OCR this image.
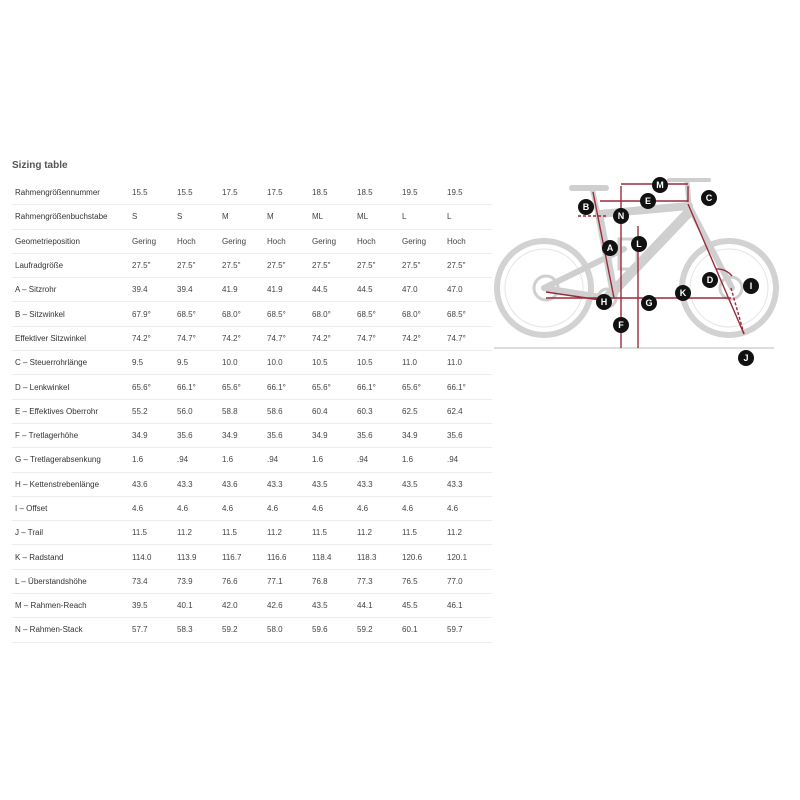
Sizing table
Rahmengrößennummer	15.5	15.5	17.5	17.5	18.5	18.5	19.5	19.5
Rahmengrößenbuchstabe	S	S	M	M	ML	ML	L	L
Geometrieposition	Gering	Hoch	Gering	Hoch	Gering	Hoch	Gering	Hoch
Laufradgröße	27.5"	27.5"	27.5"	27.5"	27.5"	27.5"	27.5"	27.5"
A – Sitzrohr	39.4	39.4	41.9	41.9	44.5	44.5	47.0	47.0
B – Sitzwinkel	67.9°	68.5°	68.0°	68.5°	68.0°	68.5°	68.0°	68.5°
Effektiver Sitzwinkel	74.2°	74.7°	74.2°	74.7°	74.2°	74.7°	74.2°	74.7°
C – Steuerrohrlänge	9.5	9.5	10.0	10.0	10.5	10.5	11.0	11.0
D – Lenkwinkel	65.6°	66.1°	65.6°	66.1°	65.6°	66.1°	65.6°	66.1°
E – Effektives Oberrohr	55.2	56.0	58.8	58.6	60.4	60.3	62.5	62.4
F – Tretlagerhöhe	34.9	35.6	34.9	35.6	34.9	35.6	34.9	35.6
G – Tretlagerabsenkung	1.6	.94	1.6	.94	1.6	.94	1.6	.94
H – Kettenstrebenlänge	43.6	43.3	43.6	43.3	43.5	43.3	43.5	43.3
I – Offset	4.6	4.6	4.6	4.6	4.6	4.6	4.6	4.6
J – Trail	11.5	11.2	11.5	11.2	11.5	11.2	11.5	11.2
K – Radstand	114.0	113.9	116.7	116.6	118.4	118.3	120.6	120.1
L – Überstandshöhe	73.4	73.9	76.6	77.1	76.8	77.3	76.5	77.0
M – Rahmen-Reach	39.5	40.1	42.0	42.6	43.5	44.1	45.5	46.1
N – Rahmen-Stack	57.7	58.3	59.2	58.0	59.6	59.2	60.1	59.7
M
E	C
B
N
A	L
H	G
K
D
I
F
J
